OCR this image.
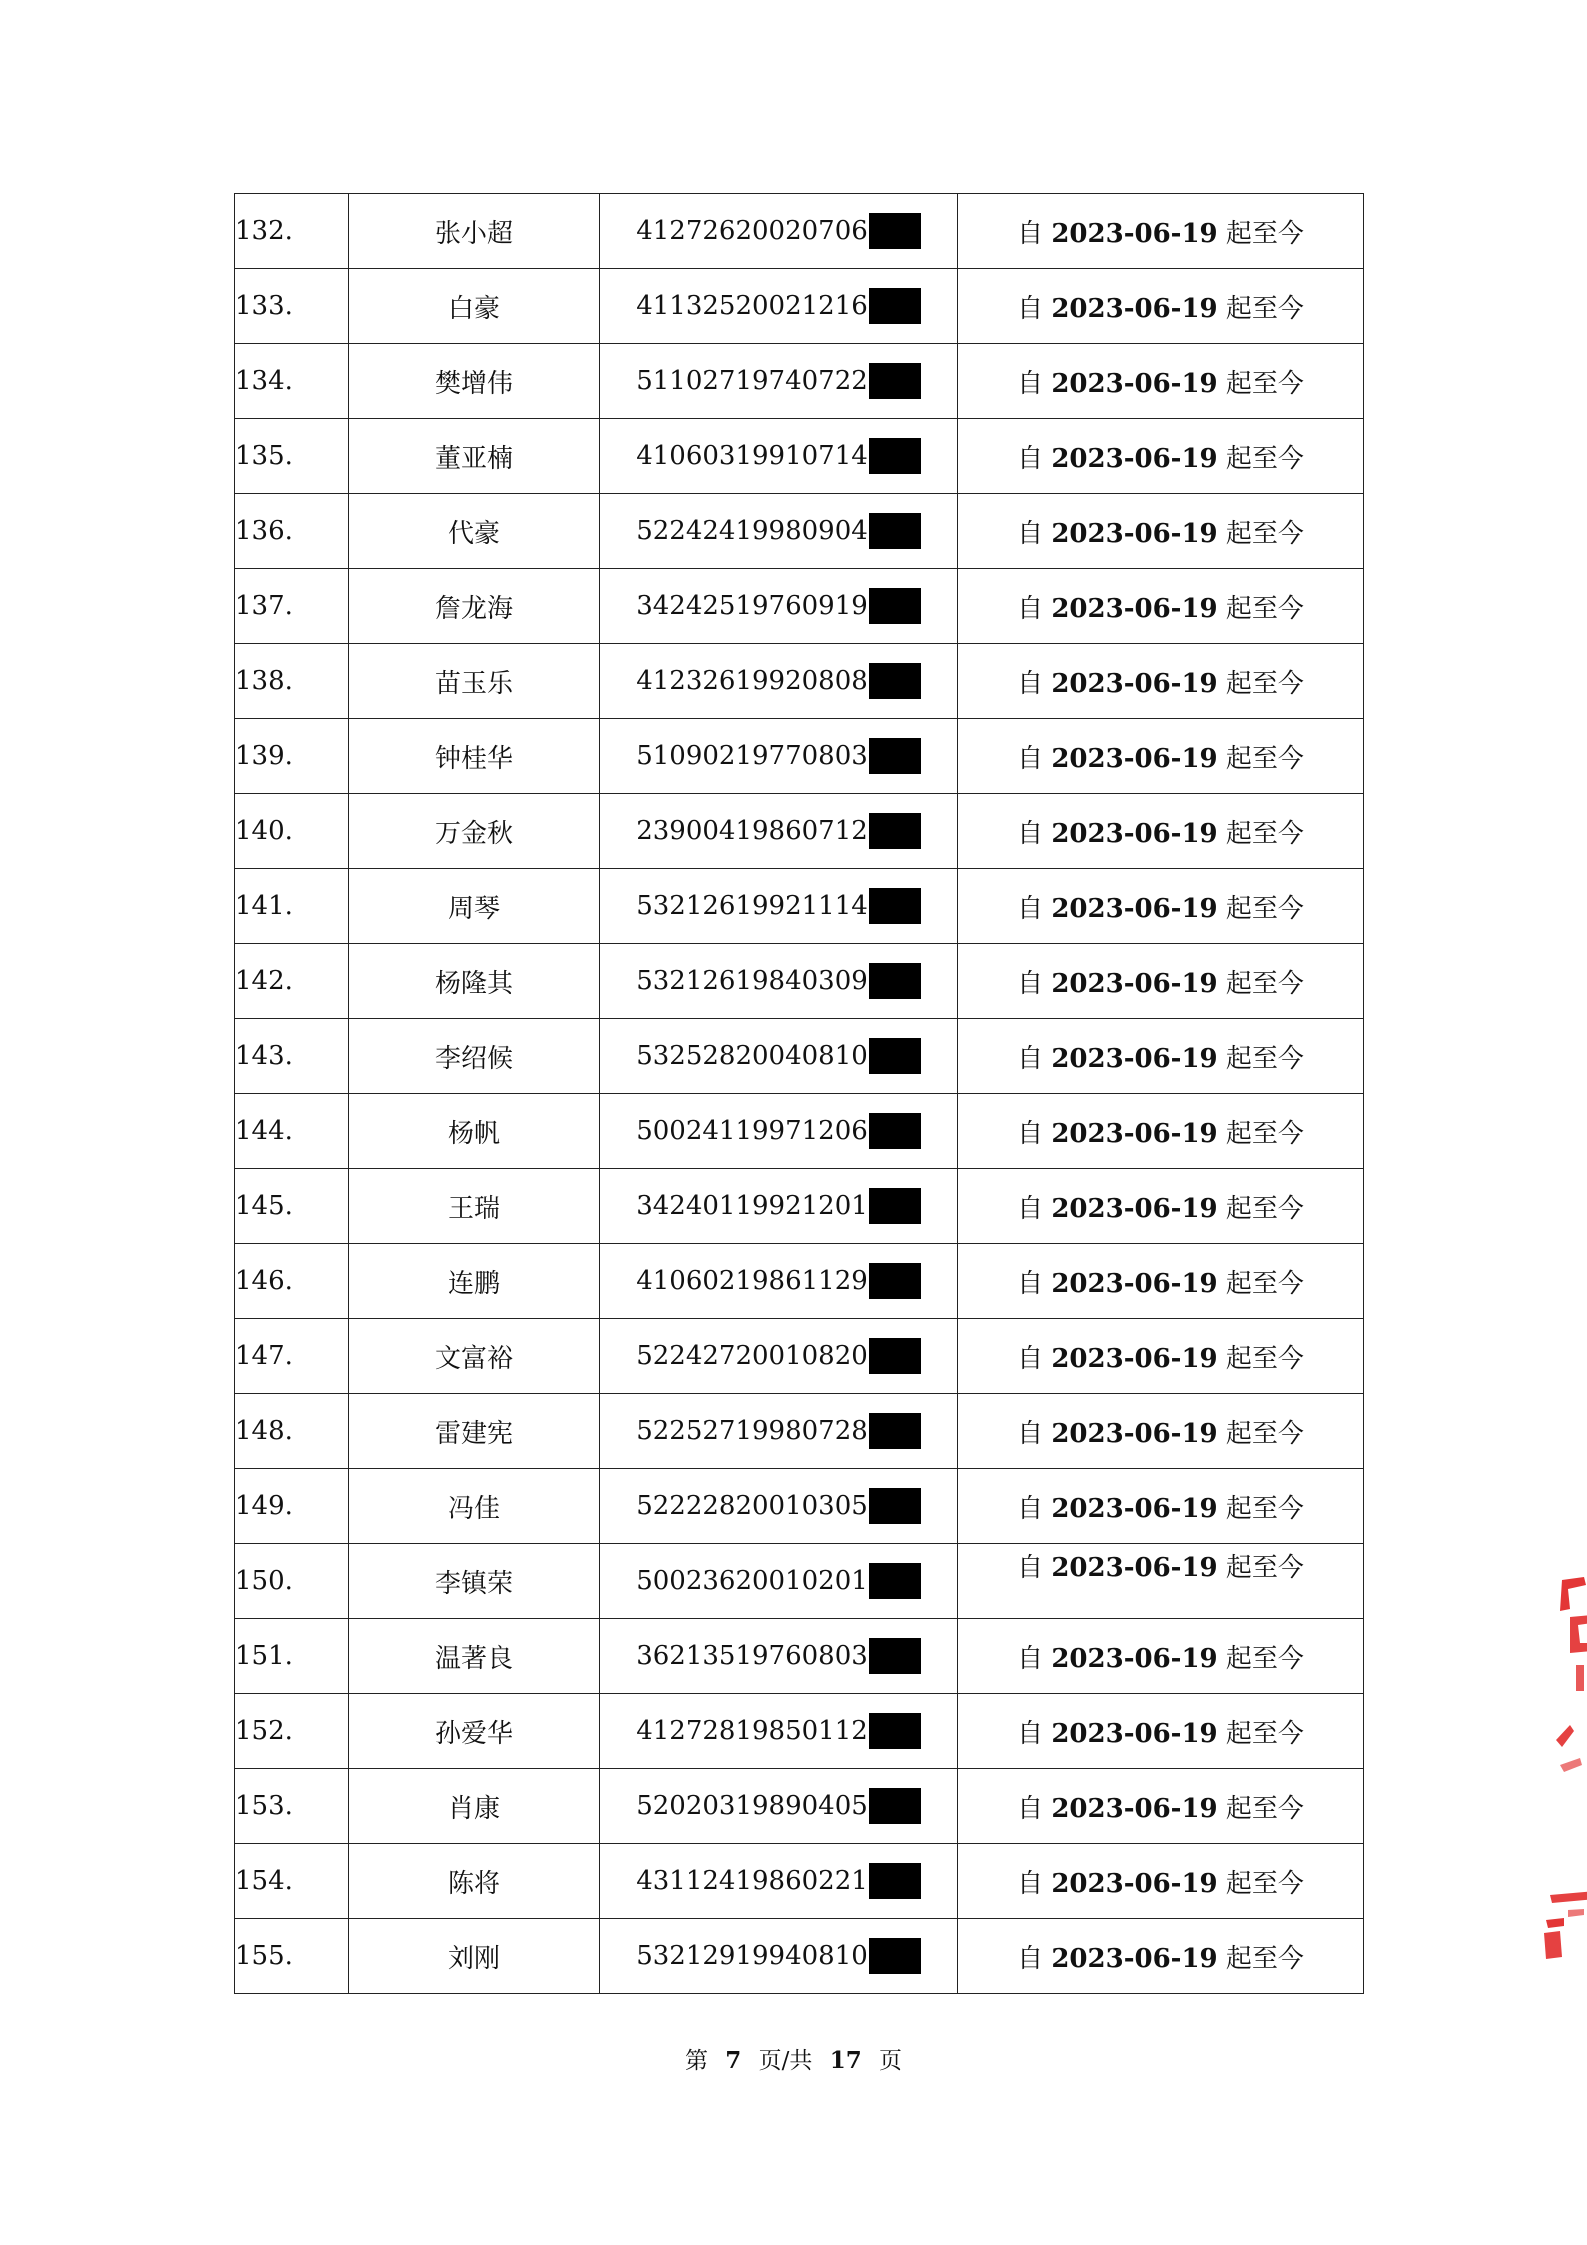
132.	张小超	41272620020706	自 2023-06-19 起至今
133.	白豪	41132520021216	自 2023-06-19 起至今
134.	樊增伟	51102719740722	自 2023-06-19 起至今
135.	董亚楠	41060319910714	自 2023-06-19 起至今
136.	代豪	52242419980904	自 2023-06-19 起至今
137.	詹龙海	34242519760919	自 2023-06-19 起至今
138.	苗玉乐	41232619920808	自 2023-06-19 起至今
139.	钟桂华	51090219770803	自 2023-06-19 起至今
140.	万金秋	23900419860712	自 2023-06-19 起至今
141.	周琴	53212619921114	自 2023-06-19 起至今
142.	杨隆其	53212619840309	自 2023-06-19 起至今
143.	李绍候	53252820040810	自 2023-06-19 起至今
144.	杨帆	50024119971206	自 2023-06-19 起至今
145.	王瑞	34240119921201	自 2023-06-19 起至今
146.	连鹏	41060219861129	自 2023-06-19 起至今
147.	文富裕	52242720010820	自 2023-06-19 起至今
148.	雷建宪	52252719980728	自 2023-06-19 起至今
149.	冯佳	52222820010305	自 2023-06-19 起至今
150.	李镇荣	50023620010201	自 2023-06-19 起至今
151.	温著良	36213519760803	自 2023-06-19 起至今
152.	孙爱华	41272819850112	自 2023-06-19 起至今
153.	肖康	52020319890405	自 2023-06-19 起至今
154.	陈将	43112419860221	自 2023-06-19 起至今
155.	刘刚	53212919940810	自 2023-06-19 起至今
第 7 页/共 17 页
